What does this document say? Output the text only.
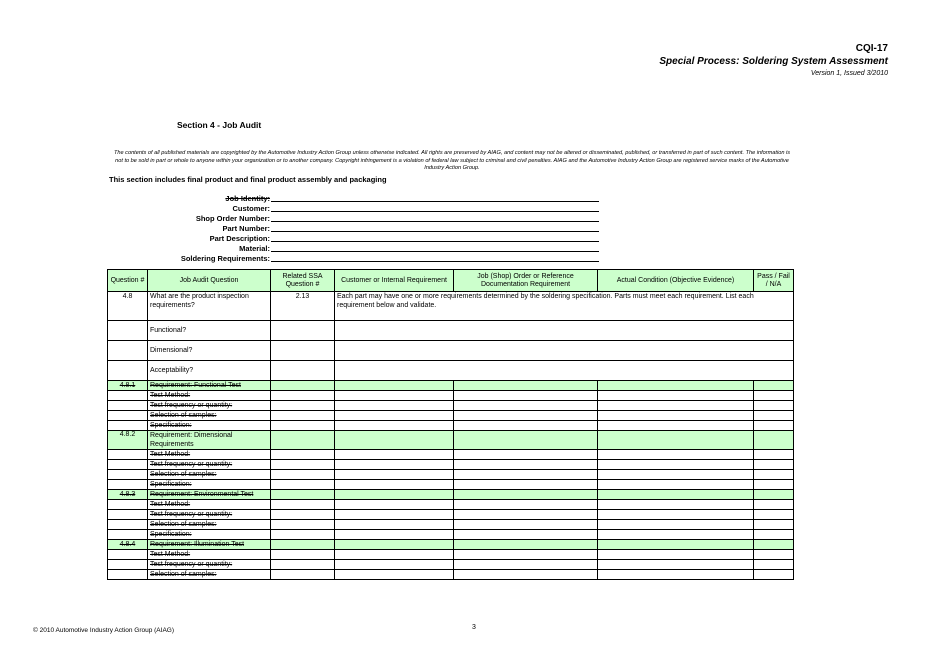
CQI-17
Special Process: Soldering System Assessment
Version 1, Issued 3/2010
Section 4 - Job Audit
The contents of all published materials are copyrighted by the Automotive Industry Action Group unless otherwise indicated. All rights are preserved by AIAG, and content may not be altered or disseminated, published, or transferred in part of such content. The information is not to be sold in part or whole to anyone within your organization or to another company. Copyright infringement is a violation of federal law subject to criminal and civil penalties. AIAG and the Automotive Industry Action Group are registered service marks of the Automotive Industry Action Group.
This section includes final product and final product assembly and packaging
Job Identity:
Customer:
Shop Order Number:
Part Number:
Part Description:
Material:
Soldering Requirements:
Question #	Job Audit Question	Related SSA Question #	Customer or Internal Requirement	Job (Shop) Order or Reference Documentation Requirement	Actual Condition (Objective Evidence)	Pass / Fail / N/A
4.8	What are the product inspection requirements?	2.13	Each part may have one or more requirements determined by the soldering specification. Parts must meet each requirement. List each requirement below and validate.			
	Functional?					
	Dimensional?					
	Acceptability?					
4.8.1	Requirement: Functional Test					
	Test Method:					
	Test frequency or quantity:					
	Selection of samples:					
	Specification:					
4.8.2	Requirement: Dimensional Requirements					
	Test Method:					
	Test frequency or quantity:					
	Selection of samples:					
	Specification:					
4.8.3	Requirement: Environmental Test					
	Test Method:					
	Test frequency or quantity:					
	Selection of samples:					
	Specification:					
4.8.4	Requirement: Illumination Test					
	Test Method:					
	Test frequency or quantity:					
	Selection of samples:					
© 2010 Automotive Industry Action Group (AIAG)	3
